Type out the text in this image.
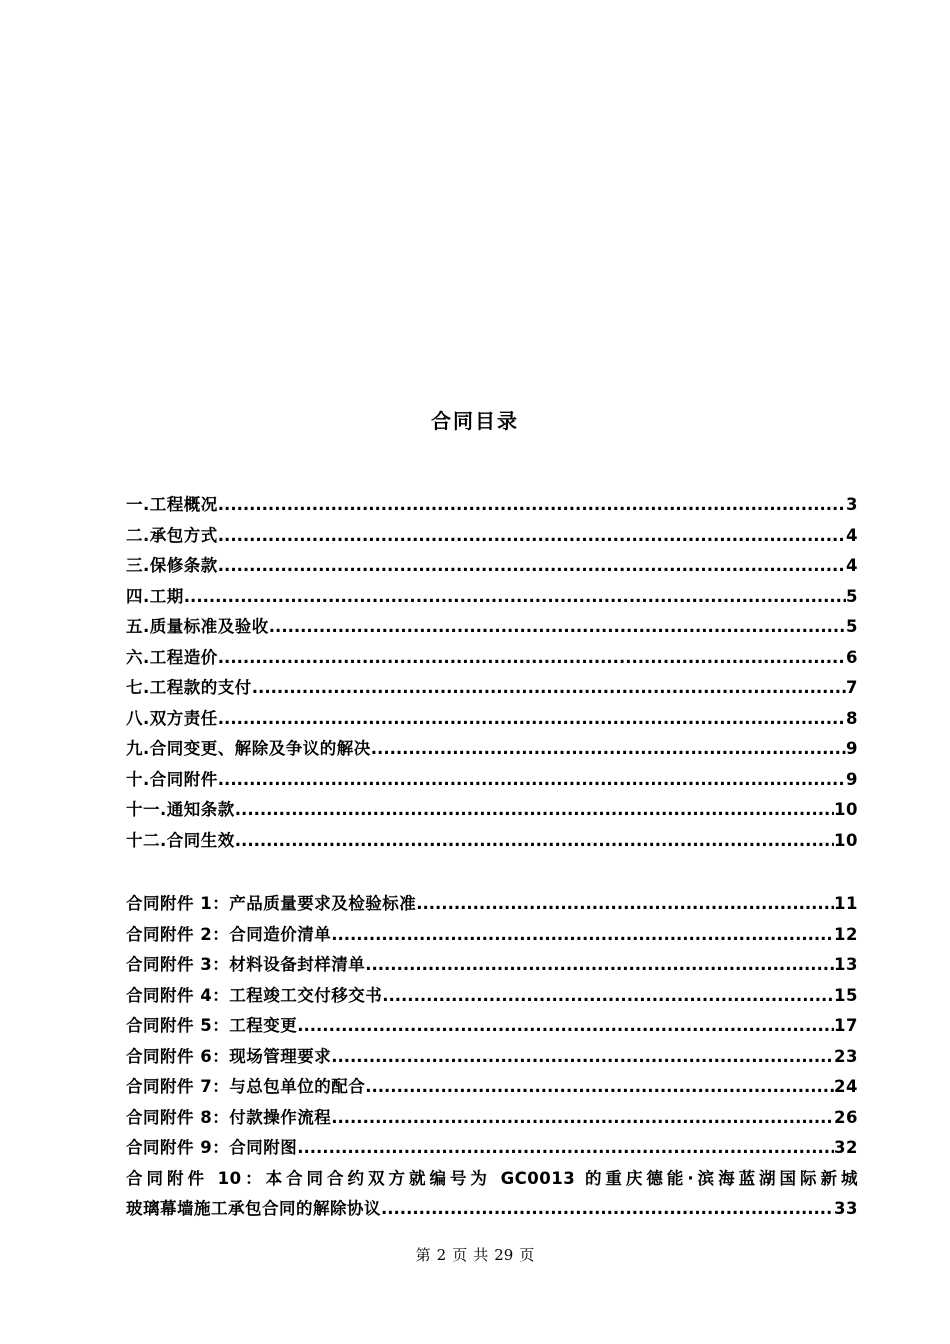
合同目录
一.工程概况 .....	3
二.承包方式 .....	4
三.保修条款 .....	4
四.工期 .....	5
五.质量标准及验收 .....	5
六.工程造价 .....	6
七.工程款的支付 .....	7
八.双方责任 .....	8
九.合同变更、解除及争议的解决 .....	9
十.合同附件 .....	9
十一.通知条款 .....	10
十二.合同生效 .....	10
合同附件 1：产品质量要求及检验标准 .....	11
合同附件 2：合同造价清单 .....	12
合同附件 3：材料设备封样清单 .....	13
合同附件 4：工程竣工交付移交书 .....	15
合同附件 5：工程变更 .....	17
合同附件 6：现场管理要求 .....	23
合同附件 7：与总包单位的配合 .....	24
合同附件 8：付款操作流程 .....	26
合同附件 9：合同附图 .....	32
合同附件 10：本合同合约双方就编号为 GC0013 的重庆德能·滨海蓝湖国际新城
玻璃幕墙施工承包合同的解除协议 .....	33
第 2 页 共 29 页
